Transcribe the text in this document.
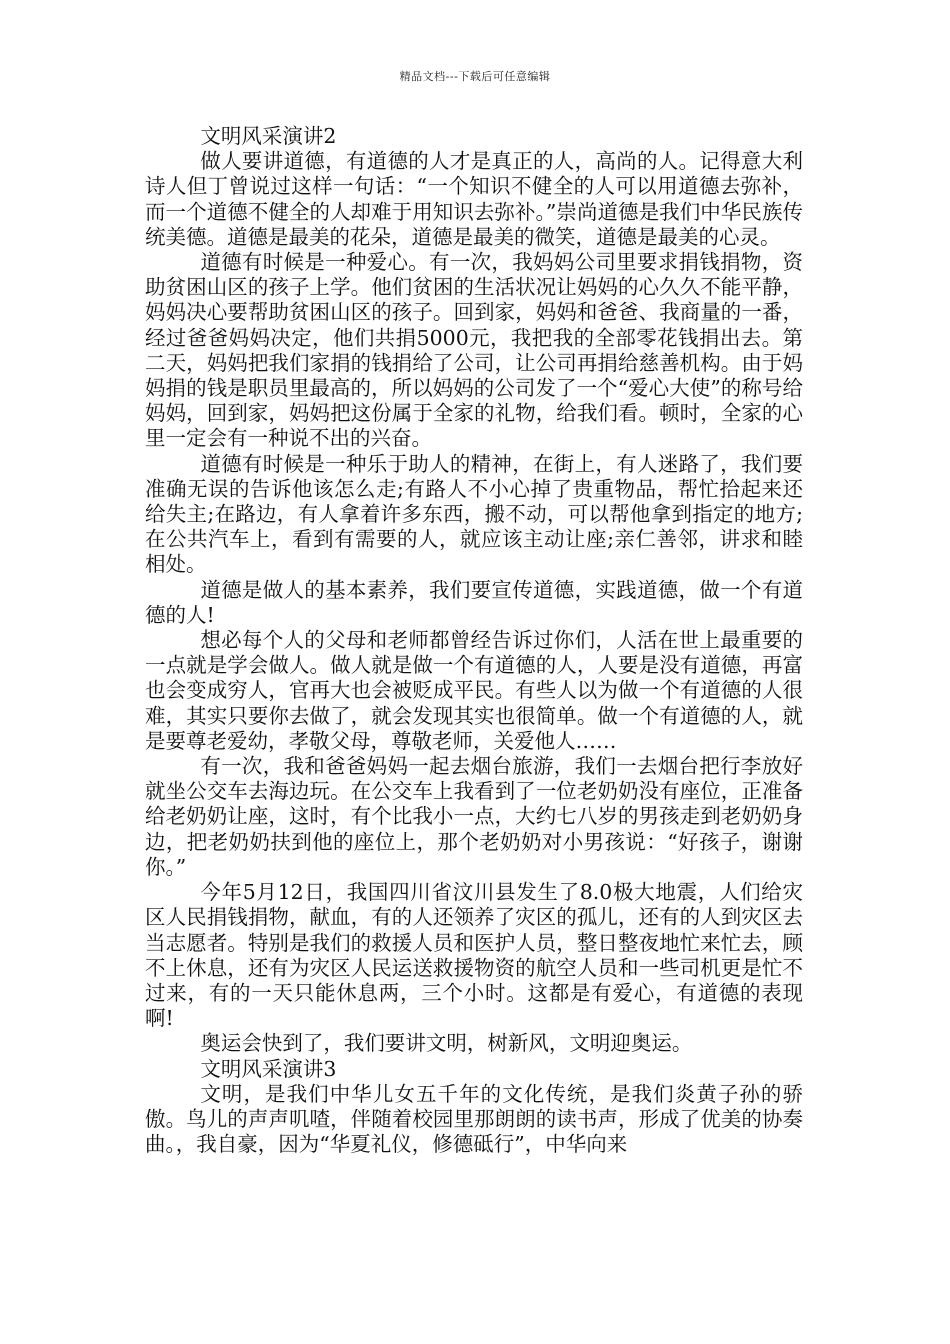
精品文档---下载后可任意编辑

文明风采演讲2

做人要讲道德，有道德的人才是真正的人，高尚的人。记得意大利诗人但丁曾说过这样一句话：“一个知识不健全的人可以用道德去弥补，而一个道德不健全的人却难于用知识去弥补。”崇尚道德是我们中华民族传统美德。道德是最美的花朵，道德是最美的微笑，道德是最美的心灵。

道德有时候是一种爱心。有一次，我妈妈公司里要求捐钱捐物，资助贫困山区的孩子上学。他们贫困的生活状况让妈妈的心久久不能平静，妈妈决心要帮助贫困山区的孩子。回到家，妈妈和爸爸、我商量的一番，经过爸爸妈妈决定，他们共捐5000元，我把我的全部零花钱捐出去。第二天，妈妈把我们家捐的钱捐给了公司，让公司再捐给慈善机构。由于妈妈捐的钱是职员里最高的，所以妈妈的公司发了一个“爱心大使”的称号给妈妈，回到家，妈妈把这份属于全家的礼物，给我们看。顿时，全家的心里一定会有一种说不出的兴奋。

道德有时候是一种乐于助人的精神，在街上，有人迷路了，我们要准确无误的告诉他该怎么走;有路人不小心掉了贵重物品，帮忙拾起来还给失主;在路边，有人拿着许多东西，搬不动，可以帮他拿到指定的地方;在公共汽车上，看到有需要的人，就应该主动让座;亲仁善邻，讲求和睦相处。

道德是做人的基本素养，我们要宣传道德，实践道德，做一个有道德的人!

想必每个人的父母和老师都曾经告诉过你们，人活在世上最重要的一点就是学会做人。做人就是做一个有道德的人，人要是没有道德，再富也会变成穷人，官再大也会被贬成平民。有些人以为做一个有道德的人很难，其实只要你去做了，就会发现其实也很简单。做一个有道德的人，就是要尊老爱幼，孝敬父母，尊敬老师，关爱他人……

有一次，我和爸爸妈妈一起去烟台旅游，我们一去烟台把行李放好就坐公交车去海边玩。在公交车上我看到了一位老奶奶没有座位，正准备给老奶奶让座，这时，有个比我小一点，大约七八岁的男孩走到老奶奶身边，把老奶奶扶到他的座位上，那个老奶奶对小男孩说：“好孩子，谢谢你。”

今年5月12日，我国四川省汶川县发生了8.0极大地震，人们给灾区人民捐钱捐物，献血，有的人还领养了灾区的孤儿，还有的人到灾区去当志愿者。特别是我们的救援人员和医护人员，整日整夜地忙来忙去，顾不上休息，还有为灾区人民运送救援物资的航空人员和一些司机更是忙不过来，有的一天只能休息两，三个小时。这都是有爱心，有道德的表现啊!

奥运会快到了，我们要讲文明，树新风，文明迎奥运。

文明风采演讲3

文明，是我们中华儿女五千年的文化传统，是我们炎黄子孙的骄傲。鸟儿的声声叽喳，伴随着校园里那朗朗的读书声，形成了优美的协奏曲。，我自豪，因为“华夏礼仪，修德砥行”，中华向来
